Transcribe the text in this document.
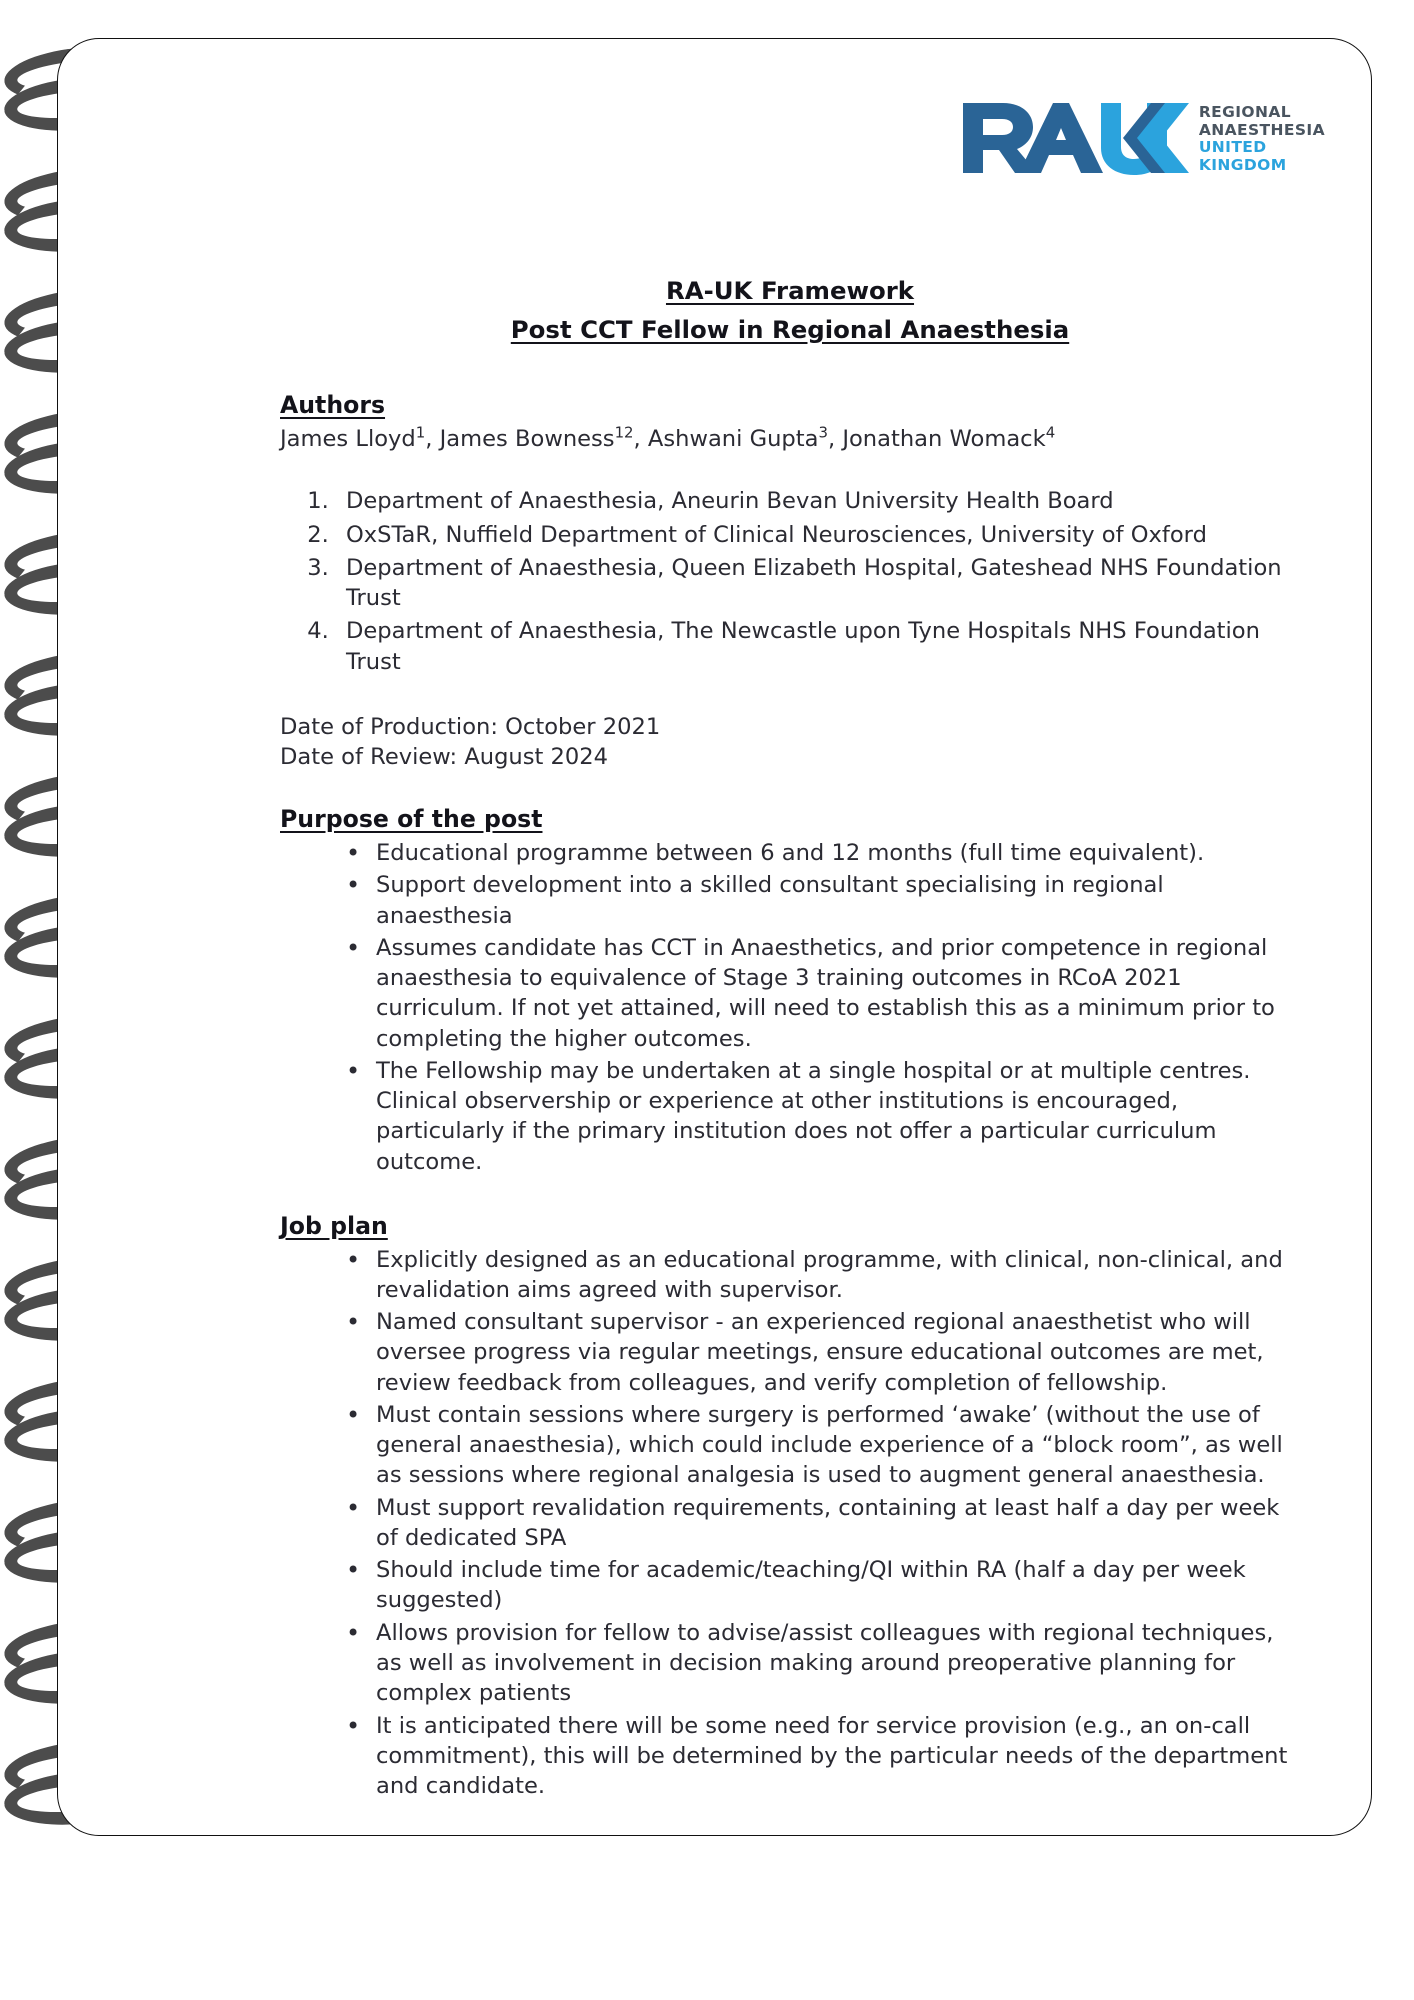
REGIONAL
ANAESTHESIA
UNITED
KINGDOM
RA-UK Framework
Post CCT Fellow in Regional Anaesthesia
Authors

James Lloyd$^1$, James Bowness$^{12}$, Ashwani Gupta$^3$, Jonathan Womack$^4$

1. Department of Anaesthesia, Aneurin Bevan University Health Board
2. OxSTaR, Nuffield Department of Clinical Neurosciences, University of Oxford
3. Department of Anaesthesia, Queen Elizabeth Hospital, Gateshead NHS Foundation Trust
4. Department of Anaesthesia, The Newcastle upon Tyne Hospitals NHS Foundation Trust

Date of Production: October 2021

Date of Review: August 2024

Purpose of the post
• Educational programme between 6 and 12 months (full time equivalent).
• Support development into a skilled consultant specialising in regional anaesthesia
• Assumes candidate has CCT in Anaesthetics, and prior competence in regional anaesthesia to equivalence of Stage 3 training outcomes in RCoA 2021 curriculum. If not yet attained, will need to establish this as a minimum prior to completing the higher outcomes.
• The Fellowship may be undertaken at a single hospital or at multiple centres. Clinical observership or experience at other institutions is encouraged, particularly if the primary institution does not offer a particular curriculum outcome.
Job plan
• Explicitly designed as an educational programme, with clinical, non-clinical, and revalidation aims agreed with supervisor.
• Named consultant supervisor - an experienced regional anaesthetist who will oversee progress via regular meetings, ensure educational outcomes are met, review feedback from colleagues, and verify completion of fellowship.
• Must contain sessions where surgery is performed ‘awake’ (without the use of general anaesthesia), which could include experience of a “block room”, as well as sessions where regional analgesia is used to augment general anaesthesia.
• Must support revalidation requirements, containing at least half a day per week of dedicated SPA
• Should include time for academic/teaching/QI within RA (half a day per week suggested)
• Allows provision for fellow to advise/assist colleagues with regional techniques, as well as involvement in decision making around preoperative planning for complex patients
• It is anticipated there will be some need for service provision (e.g., an on-call commitment), this will be determined by the particular needs of the department and candidate.
